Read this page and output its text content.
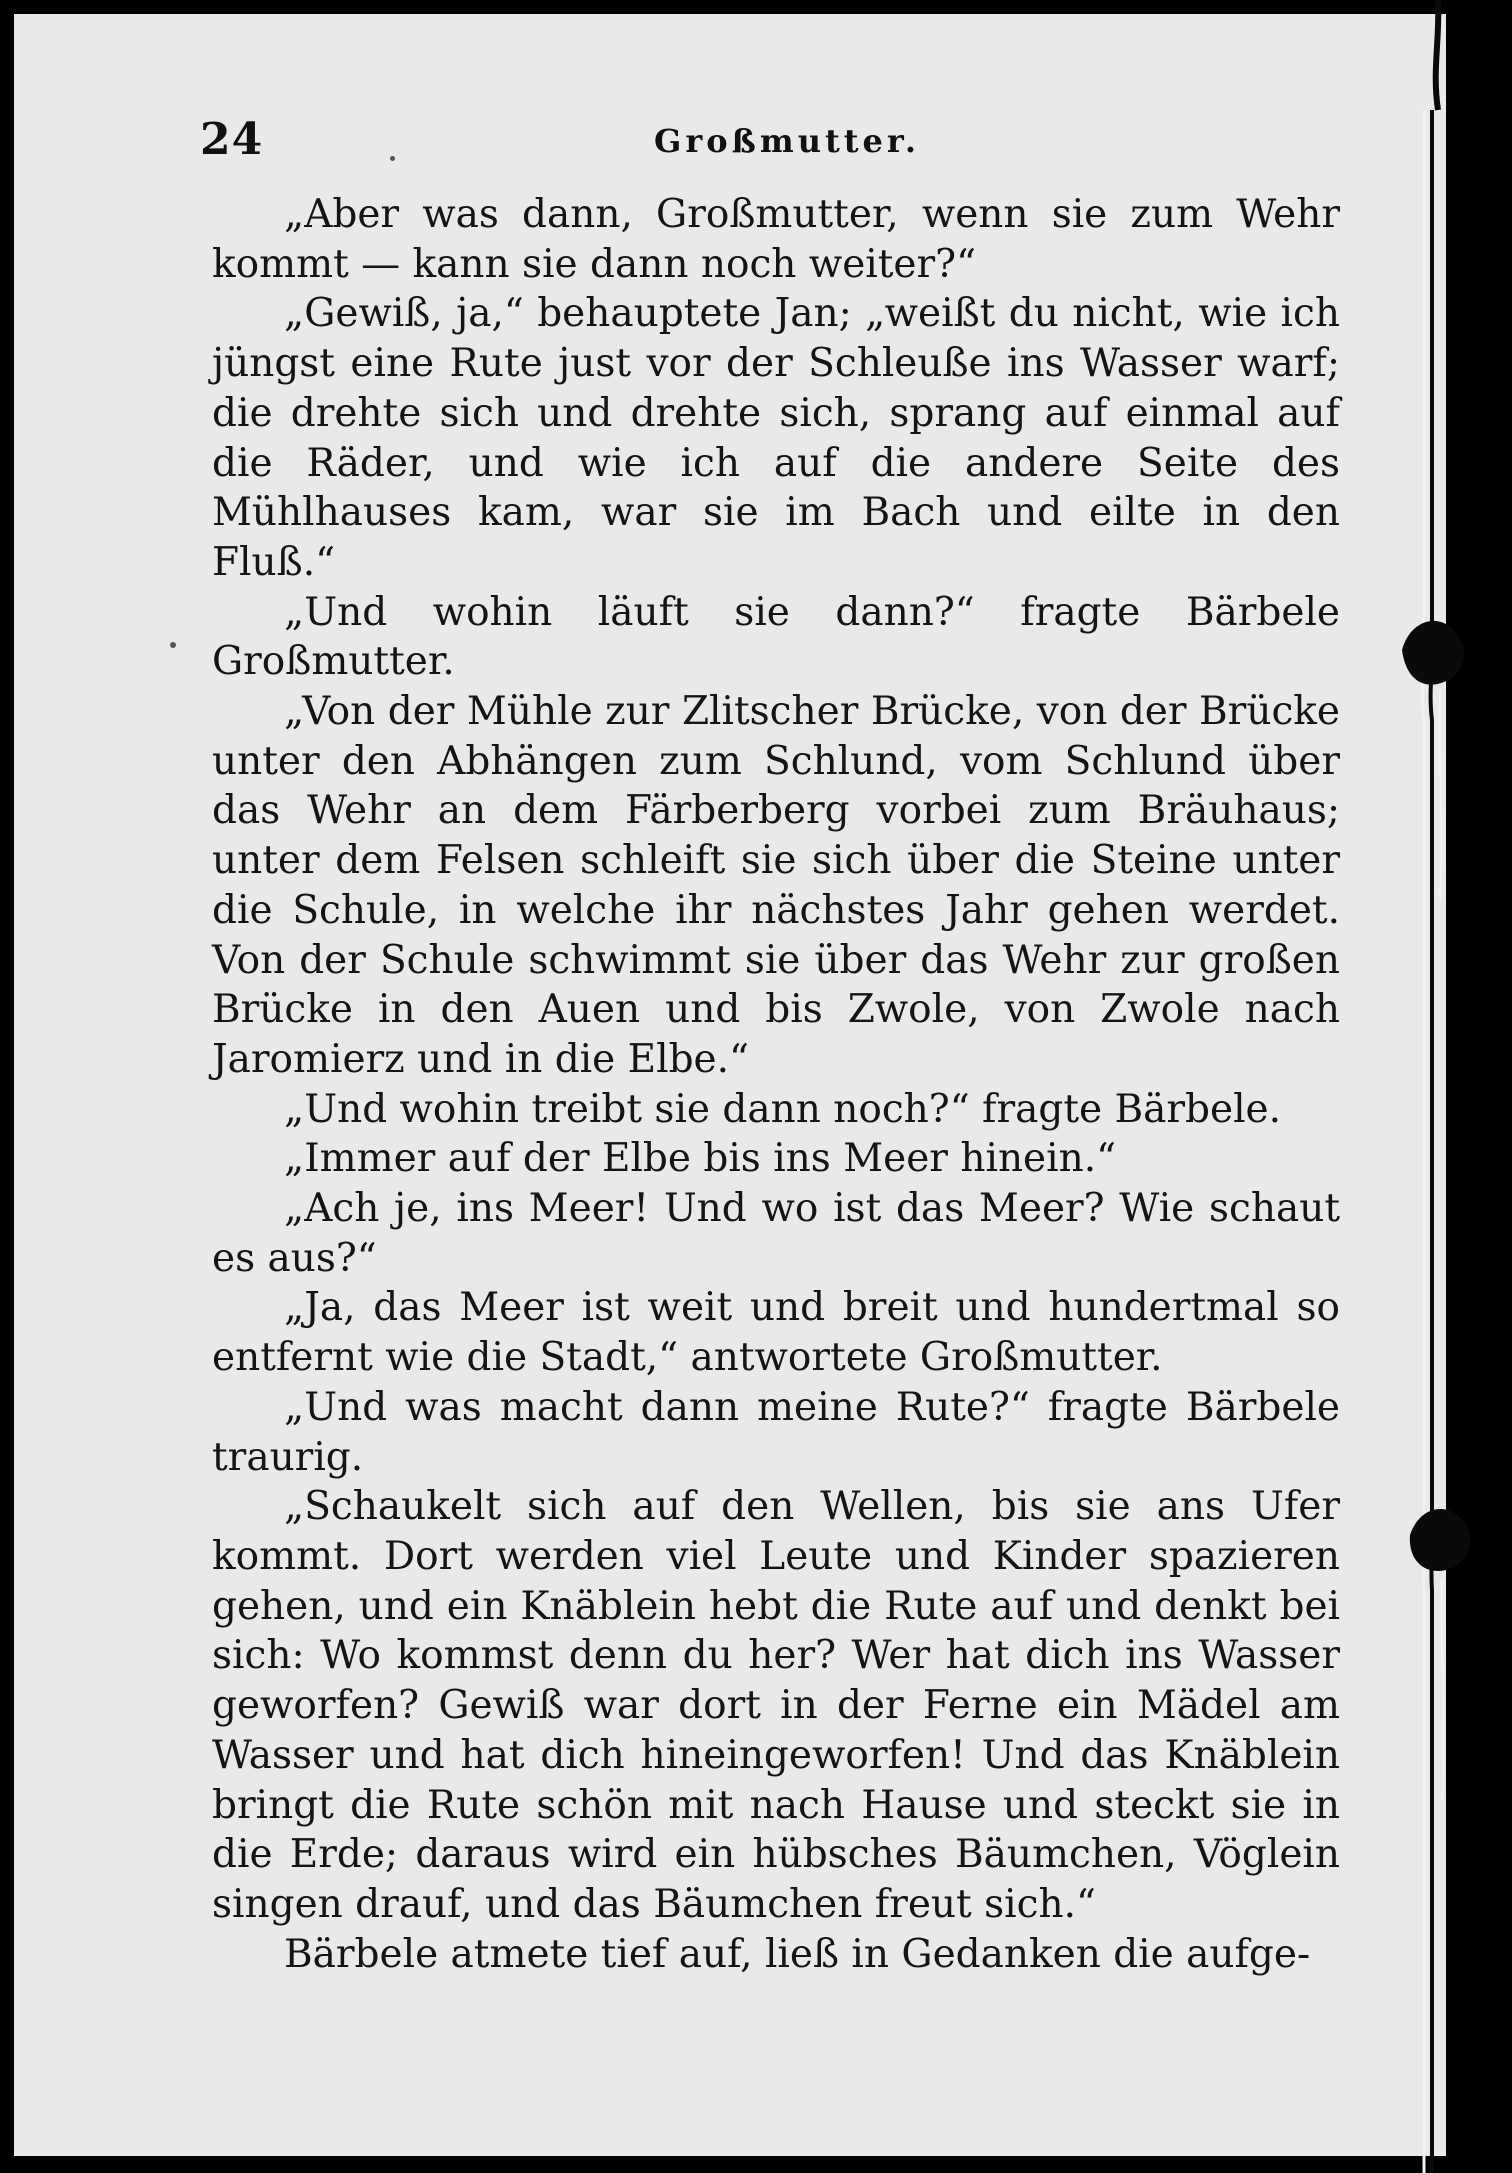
24	Großmutter.

„Aber was dann, Großmutter, wenn sie zum Wehr kommt — kann sie dann noch weiter?“

„Gewiß, ja,“ behauptete Jan; „weißt du nicht, wie ich jüngst eine Rute just vor der Schleuße ins Wasser warf; die drehte sich und drehte sich, sprang auf einmal auf die Räder, und wie ich auf die andere Seite des Mühlhauses kam, war sie im Bach und eilte in den Fluß.“

„Und wohin läuft sie dann?“ fragte Bärbele Großmutter.

„Von der Mühle zur Zlitscher Brücke, von der Brücke unter den Abhängen zum Schlund, vom Schlund über das Wehr an dem Färberberg vorbei zum Bräuhaus; unter dem Felsen schleift sie sich über die Steine unter die Schule, in welche ihr nächstes Jahr gehen werdet. Von der Schule schwimmt sie über das Wehr zur großen Brücke in den Auen und bis Zwole, von Zwole nach Jaromierz und in die Elbe.“

„Und wohin treibt sie dann noch?“ fragte Bärbele.

„Immer auf der Elbe bis ins Meer hinein.“

„Ach je, ins Meer! Und wo ist das Meer? Wie schaut es aus?“

„Ja, das Meer ist weit und breit und hundertmal so entfernt wie die Stadt,“ antwortete Großmutter.

„Und was macht dann meine Rute?“ fragte Bärbele traurig.

„Schaukelt sich auf den Wellen, bis sie ans Ufer kommt. Dort werden viel Leute und Kinder spazieren gehen, und ein Knäblein hebt die Rute auf und denkt bei sich: Wo kommst denn du her? Wer hat dich ins Wasser geworfen? Gewiß war dort in der Ferne ein Mädel am Wasser und hat dich hineingeworfen! Und das Knäblein bringt die Rute schön mit nach Hause und steckt sie in die Erde; daraus wird ein hübsches Bäumchen, Vöglein singen drauf, und das Bäumchen freut sich.“

Bärbele atmete tief auf, ließ in Gedanken die aufge-
